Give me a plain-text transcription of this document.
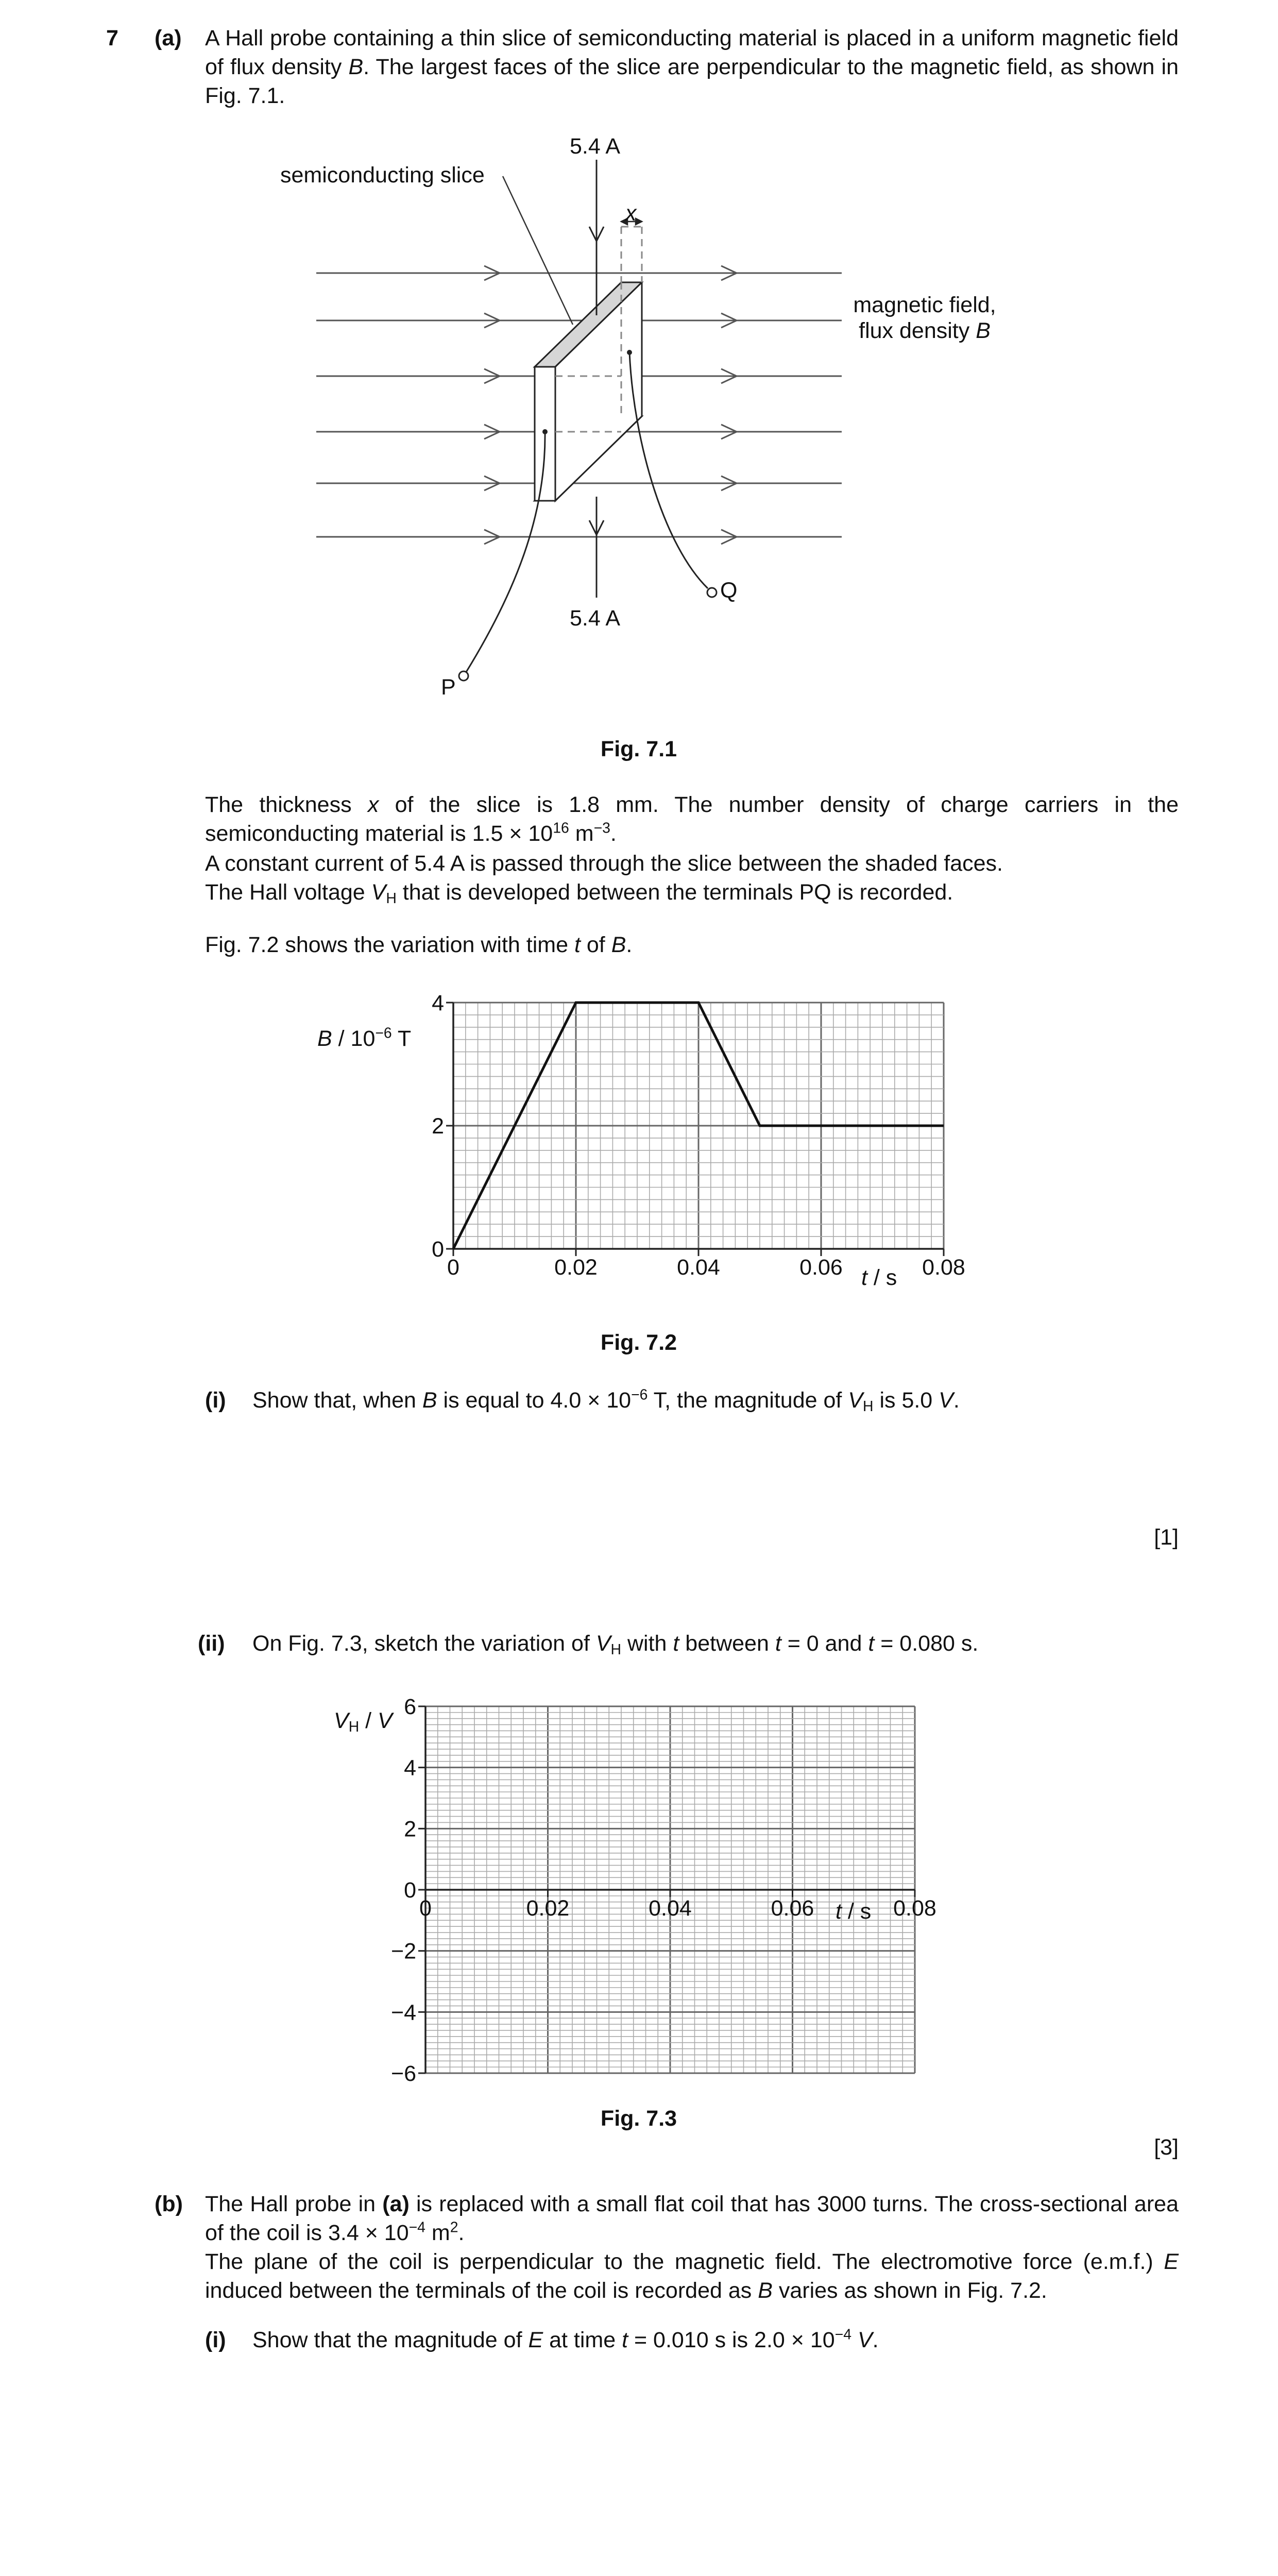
7 (a) A Hall probe containing a thin slice of semiconducting material is placed in a uniform magnetic field of flux density B. The largest faces of the slice are perpendicular to the magnetic field, as shown in Fig. 7.1.
5.4 A
5.4 A
semiconducting slice
x
magnetic field,
flux density B
P
Q
Fig. 7.1
The thickness x of the slice is 1.8 mm. The number density of charge carriers in the semiconducting material is $1.5 \times 10^{16}$ $m^{-3}$.
A constant current of 5.4 A is passed through the slice between the shaded faces.
The Hall voltage $V_H$ that is developed between the terminals PQ is recorded.
Fig. 7.2 shows the variation with time t of B.
0	0.02	0.04	0.06	0.08
0
2
4
B / $10^{-6}$ T
t / s
Fig. 7.2
(i) Show that, when B is equal to $4.0 \times 10^{-6}$ T, the magnitude of $V_H$ is 5.0 V.
[1]
(ii) On Fig. 7.3, sketch the variation of $V_H$ with t between t = 0 and t = 0.080 s.
0	0.02	0.04	0.06	0.08
−6
−4
−2
0
2
4
6
$V_H$ / V
t / s
Fig. 7.3
[3]
(b) The Hall probe in (a) is replaced with a small flat coil that has 3000 turns. The cross-sectional area of the coil is $3.4 \times 10^{-4}$ $m^2$.
The plane of the coil is perpendicular to the magnetic field. The electromotive force (e.m.f.) E induced between the terminals of the coil is recorded as B varies as shown in Fig. 7.2.
(i) Show that the magnitude of E at time t = 0.010 s is $2.0 \times 10^{-4}$ V.
